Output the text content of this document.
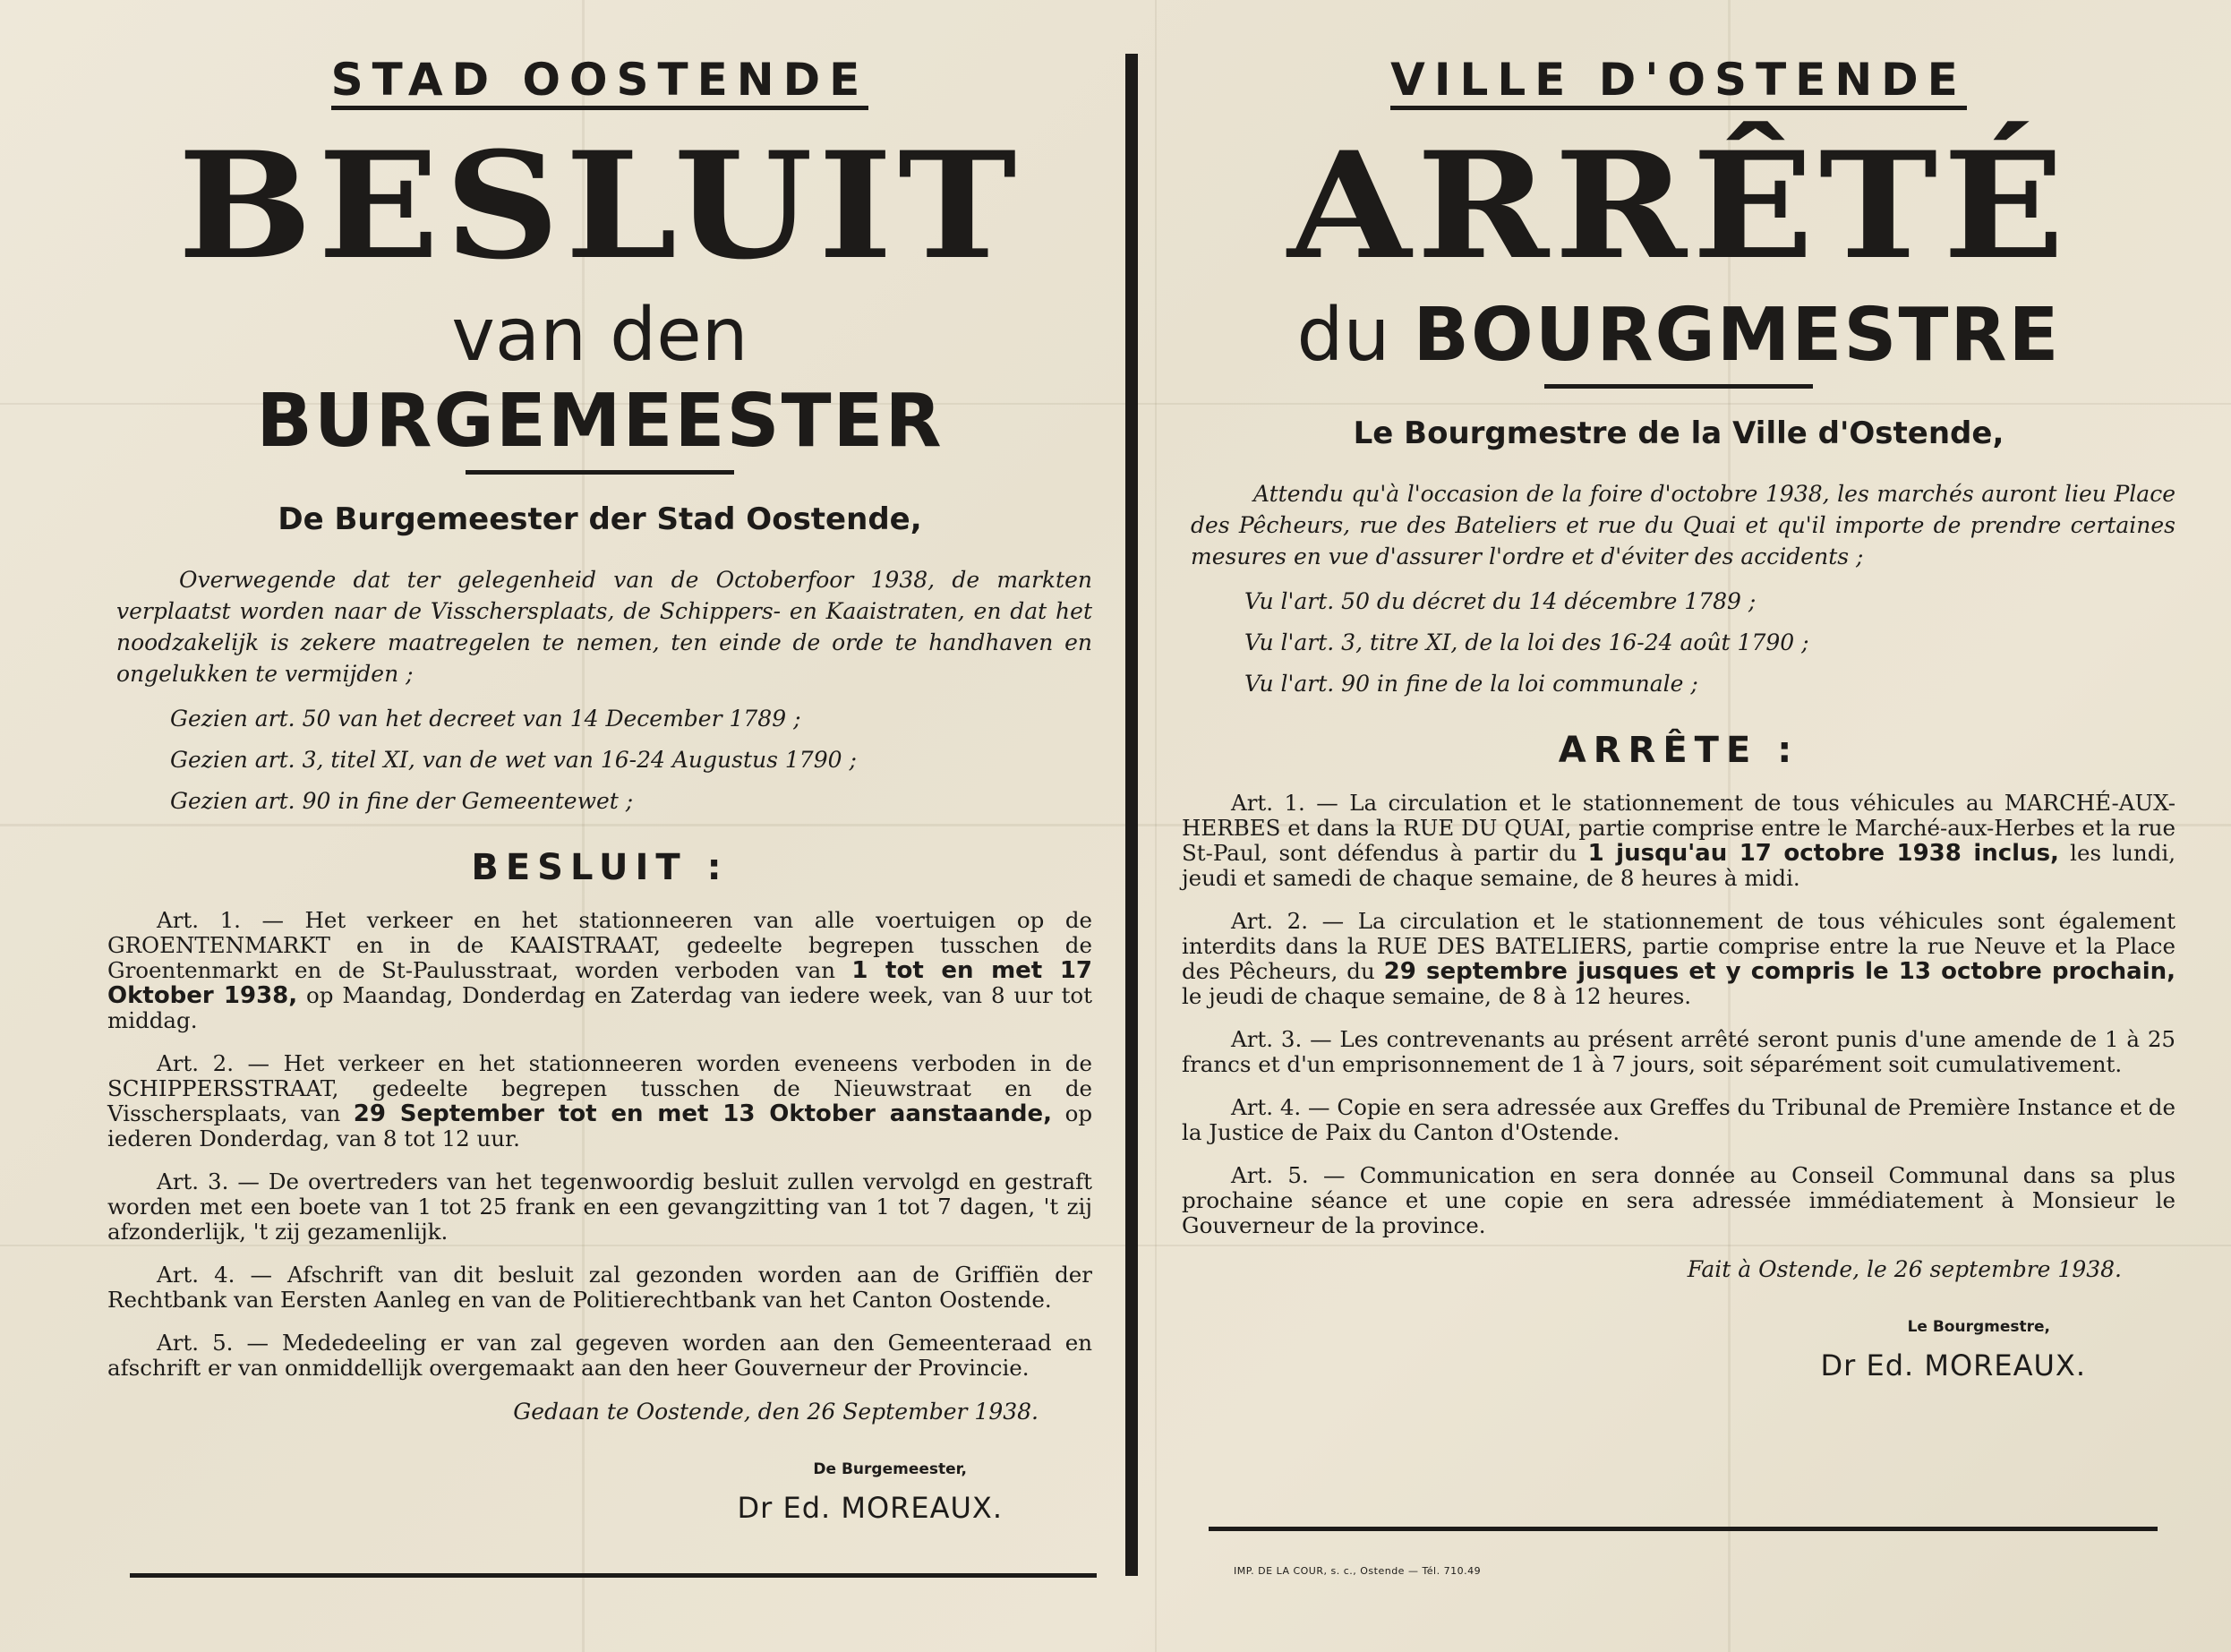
STAD OOSTENDE
BESLUIT
van den BURGEMEESTER
De Burgemeester der Stad Oostende,
Overwegende dat ter gelegenheid van de Octoberfoor 1938, de markten verplaatst worden naar de Visschersplaats, de Schippers- en Kaaistraten, en dat het noodzakelijk is zekere maatregelen te nemen, ten einde de orde te handhaven en ongelukken te vermijden ;
Gezien art. 50 van het decreet van 14 December 1789 ;
Gezien art. 3, titel XI, van de wet van 16-24 Augustus 1790 ;
Gezien art. 90 in fine der Gemeentewet ;
BESLUIT :
Art. 1. — Het verkeer en het stationneeren van alle voertuigen op de GROENTENMARKT en in de KAAISTRAAT, gedeelte begrepen tusschen de Groentenmarkt en de St-Paulusstraat, worden verboden van 1 tot en met 17 Oktober 1938, op Maandag, Donderdag en Zaterdag van iedere week, van 8 uur tot middag.
Art. 2. — Het verkeer en het stationneeren worden eveneens verboden in de SCHIPPERSSTRAAT, gedeelte begrepen tusschen de Nieuwstraat en de Visschersplaats, van 29 September tot en met 13 Oktober aanstaande, op iederen Donderdag, van 8 tot 12 uur.
Art. 3. — De overtreders van het tegenwoordig besluit zullen vervolgd en gestraft worden met een boete van 1 tot 25 frank en een gevangzitting van 1 tot 7 dagen, 't zij afzonderlijk, 't zij gezamenlijk.
Art. 4. — Afschrift van dit besluit zal gezonden worden aan de Griffiën der Rechtbank van Eersten Aanleg en van de Politierechtbank van het Canton Oostende.
Art. 5. — Mededeeling er van zal gegeven worden aan den Gemeenteraad en afschrift er van onmiddellijk overgemaakt aan den heer Gouverneur der Provincie.
Gedaan te Oostende, den 26 September 1938.
De Burgemeester,
Dr Ed. MOREAUX.
VILLE D'OSTENDE
ARRÊTÉ
du BOURGMESTRE
Le Bourgmestre de la Ville d'Ostende,
Attendu qu'à l'occasion de la foire d'octobre 1938, les marchés auront lieu Place des Pêcheurs, rue des Bateliers et rue du Quai et qu'il importe de prendre certaines mesures en vue d'assurer l'ordre et d'éviter des accidents ;
Vu l'art. 50 du décret du 14 décembre 1789 ;
Vu l'art. 3, titre XI, de la loi des 16-24 août 1790 ;
Vu l'art. 90 in fine de la loi communale ;
ARRÊTE :
Art. 1. — La circulation et le stationnement de tous véhicules au MARCHÉ-AUX-HERBES et dans la RUE DU QUAI, partie comprise entre le Marché-aux-Herbes et la rue St-Paul, sont défendus à partir du 1 jusqu'au 17 octobre 1938 inclus, les lundi, jeudi et samedi de chaque semaine, de 8 heures à midi.
Art. 2. — La circulation et le stationnement de tous véhicules sont également interdits dans la RUE DES BATELIERS, partie comprise entre la rue Neuve et la Place des Pêcheurs, du 29 septembre jusques et y compris le 13 octobre prochain, le jeudi de chaque semaine, de 8 à 12 heures.
Art. 3. — Les contrevenants au présent arrêté seront punis d'une amende de 1 à 25 francs et d'un emprisonnement de 1 à 7 jours, soit séparément soit cumulativement.
Art. 4. — Copie en sera adressée aux Greffes du Tribunal de Première Instance et de la Justice de Paix du Canton d'Ostende.
Art. 5. — Communication en sera donnée au Conseil Communal dans sa plus prochaine séance et une copie en sera adressée immédiatement à Monsieur le Gouverneur de la province.
Fait à Ostende, le 26 septembre 1938.
Le Bourgmestre,
Dr Ed. MOREAUX.
IMP. DE LA COUR, s. c., Ostende — Tél. 710.49
